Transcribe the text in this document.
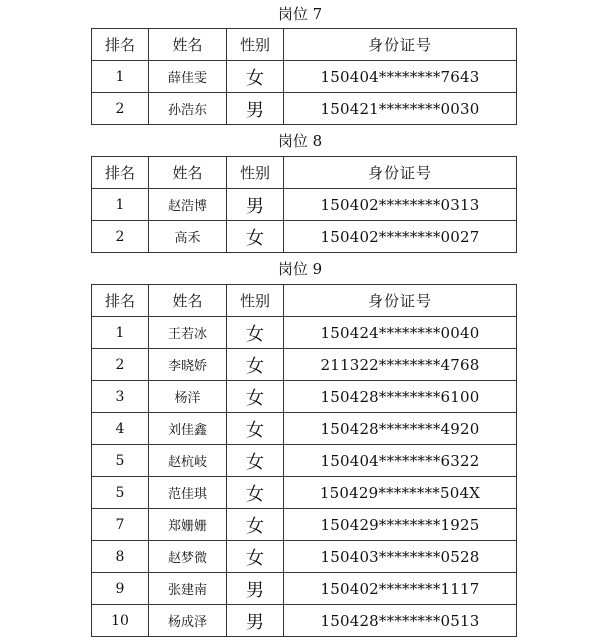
岗位 7
排名	姓名	性别	身份证号
1	薛佳雯	女	150404********7643
2	孙浩东	男	150421********0030
岗位 8
排名	姓名	性别	身份证号
1	赵浩博	男	150402********0313
2	高禾	女	150402********0027
岗位 9
排名	姓名	性别	身份证号
1	王若冰	女	150424********0040
2	李晓娇	女	211322********4768
3	杨洋	女	150428********6100
4	刘佳鑫	女	150428********4920
5	赵杭岐	女	150404********6322
5	范佳琪	女	150429********504X
7	郑姗姗	女	150429********1925
8	赵梦微	女	150403********0528
9	张建南	男	150402********1117
10	杨成泽	男	150428********0513
